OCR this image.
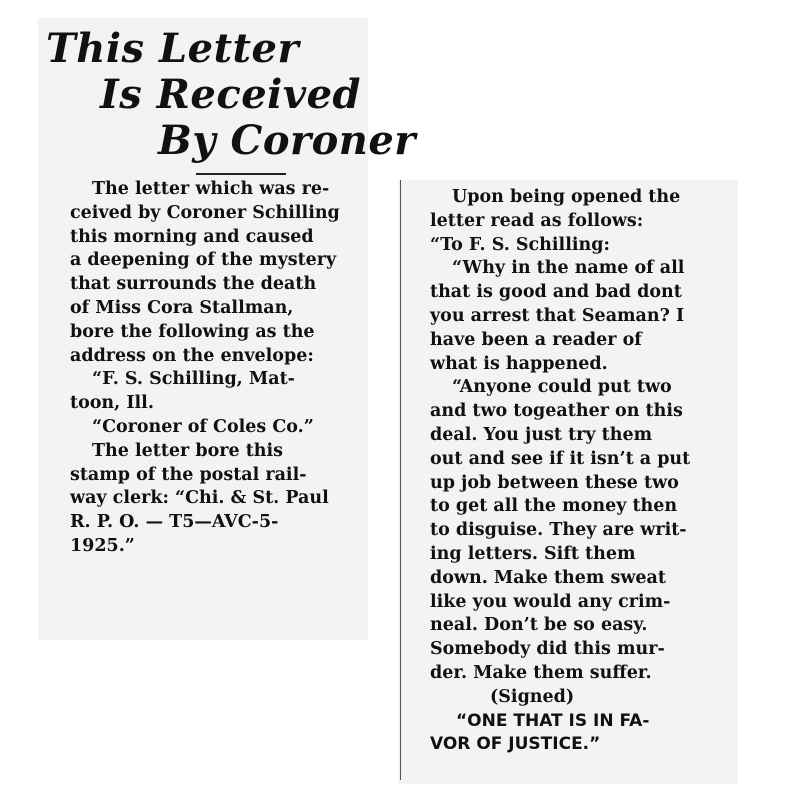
This Letter
Is Received
By Coroner
The letter which was re-
ceived by Coroner Schilling
this morning and caused
a deepening of the mystery
that surrounds the death
of Miss Cora Stallman,
bore the following as the
address on the envelope:
“F. S. Schilling, Mat-
toon, Ill.
“Coroner of Coles Co.”
The letter bore this
stamp of the postal rail-
way clerk: “Chi. & St. Paul
R. P. O. — T5—AVC-5-
1925.”
Upon being opened the
letter read as follows:
“To F. S. Schilling:
“Why in the name of all
that is good and bad dont
you arrest that Seaman? I
have been a reader of
what is happened.
“Anyone could put two
and two togeather on this
deal. You just try them
out and see if it isn’t a put
up job between these two
to get all the money then
to disguise. They are writ-
ing letters. Sift them
down. Make them sweat
like you would any crim-
neal. Don’t be so easy.
Somebody did this mur-
der. Make them suffer.
(Signed)
“ONE THAT IS IN FA-
VOR OF JUSTICE.”
